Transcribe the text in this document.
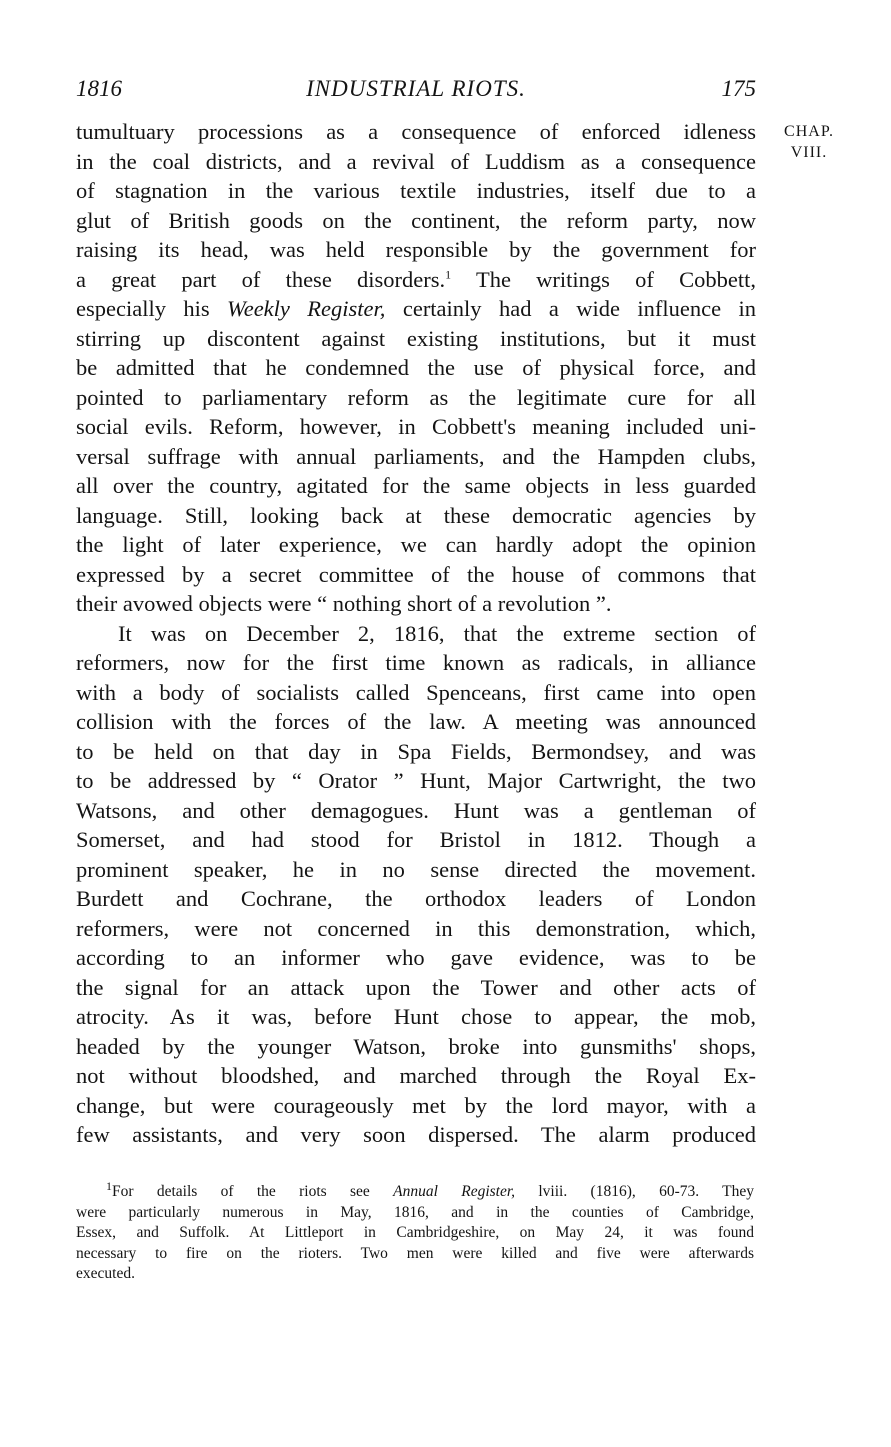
1816	INDUSTRIAL RIOTS.	175
CHAP.
VIII.
tumultuary processions as a consequence of enforced idleness
in the coal districts, and a revival of Luddism as a consequence
of stagnation in the various textile industries, itself due to a
glut of British goods on the continent, the reform party, now
raising its head, was held responsible by the government for
a great part of these disorders.$^1$ The writings of Cobbett,
especially his Weekly Register, certainly had a wide influence in
stirring up discontent against existing institutions, but it must
be admitted that he condemned the use of physical force, and
pointed to parliamentary reform as the legitimate cure for all
social evils. Reform, however, in Cobbett's meaning included uni-
versal suffrage with annual parliaments, and the Hampden clubs,
all over the country, agitated for the same objects in less guarded
language. Still, looking back at these democratic agencies by
the light of later experience, we can hardly adopt the opinion
expressed by a secret committee of the house of commons that
their avowed objects were “ nothing short of a revolution ”.
It was on December 2, 1816, that the extreme section of
reformers, now for the first time known as radicals, in alliance
with a body of socialists called Spenceans, first came into open
collision with the forces of the law. A meeting was announced
to be held on that day in Spa Fields, Bermondsey, and was
to be addressed by “ Orator ” Hunt, Major Cartwright, the two
Watsons, and other demagogues. Hunt was a gentleman of
Somerset, and had stood for Bristol in 1812. Though a
prominent speaker, he in no sense directed the movement.
Burdett and Cochrane, the orthodox leaders of London
reformers, were not concerned in this demonstration, which,
according to an informer who gave evidence, was to be
the signal for an attack upon the Tower and other acts of
atrocity. As it was, before Hunt chose to appear, the mob,
headed by the younger Watson, broke into gunsmiths' shops,
not without bloodshed, and marched through the Royal Ex-
change, but were courageously met by the lord mayor, with a
few assistants, and very soon dispersed. The alarm produced
$^1$For details of the riots see Annual Register, lviii. (1816), 60-73. They
were particularly numerous in May, 1816, and in the counties of Cambridge,
Essex, and Suffolk. At Littleport in Cambridgeshire, on May 24, it was found
necessary to fire on the rioters. Two men were killed and five were afterwards
executed.
